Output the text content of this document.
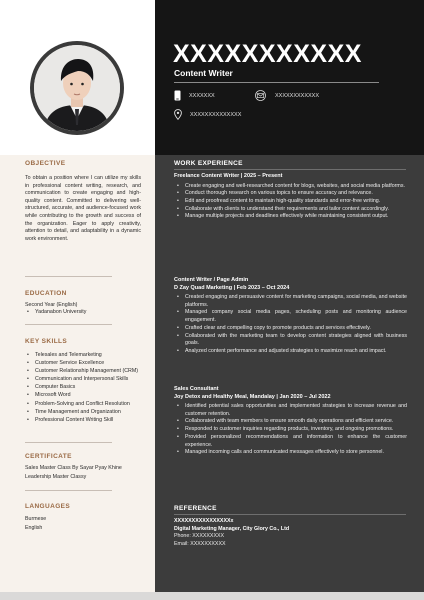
XXXXXXXXXXX
Content Writer
XXXXXXX	XXXXXXXXXXXX
XXXXXXXXXXXXXX
OBJECTIVE
To obtain a position where I can utilize my skills in professional content writing, research, and communication to create engaging and high-quality content. Committed to delivering well-structured, accurate, and audience-focused work while contributing to the growth and success of the organization. Eager to apply creativity, attention to detail, and adaptability in a dynamic work environment.
EDUCATION
Second Year (English)
• Yadanabon University
KEY SKILLS
• Telesales and Telemarketing
• Customer Service Excellence
• Customer Relationship Management (CRM)
• Communication and Interpersonal Skills
• Computer Basics
• Microsoft Word
• Problem-Solving and Conflict Resolution
• Time Management and Organization
• Professional Content Writing Skill
CERTIFICATE
Sales Master Class By Sayar Pyay Khine
Leadership Master Classy
LANGUAGES
Burmese
English
WORK EXPERIENCE
Freelance Content Writer | 2025 – Present
• Create engaging and well-researched content for blogs, websites, and social media platforms.
• Conduct thorough research on various topics to ensure accuracy and relevance.
• Edit and proofread content to maintain high-quality standards and error-free writing.
• Collaborate with clients to understand their requirements and tailor content accordingly.
• Manage multiple projects and deadlines effectively while maintaining consistent output.
Content Writer / Page Admin
D Zay Quad Marketing | Feb 2023 – Oct 2024
• Created engaging and persuasive content for marketing campaigns, social media, and website platforms.
• Managed company social media pages, scheduling posts and monitoring audience engagement.
• Crafted clear and compelling copy to promote products and services effectively.
• Collaborated with the marketing team to develop content strategies aligned with business goals.
• Analyzed content performance and adjusted strategies to maximize reach and impact.
Sales Consultant
Joy Detox and Healthy Meal, Mandalay | Jan 2020 – Jul 2022
• Identified potential sales opportunities and implemented strategies to increase revenue and customer retention.
• Collaborated with team members to ensure smooth daily operations and efficient service.
• Responded to customer inquiries regarding products, inventory, and ongoing promotions.
• Provided personalized recommendations and information to enhance the customer experience.
• Managed incoming calls and communicated messages effectively to store personnel.
REFERENCE
XXXXXXXXXXXXXXXXx
Digital Marketing Manager, City Glory Co., Ltd
Phone: XXXXXXXXX
Email: XXXXXXXXXX
